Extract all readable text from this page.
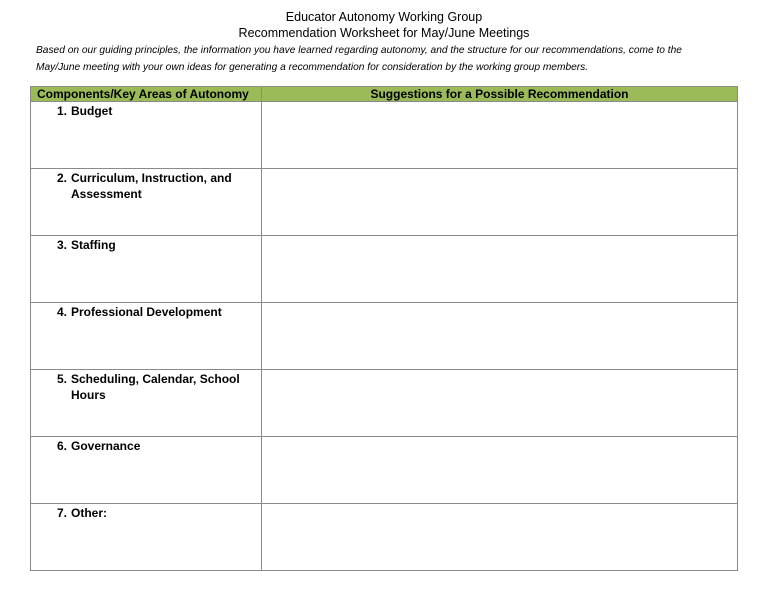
Educator Autonomy Working Group
Recommendation Worksheet for May/June Meetings
Based on our guiding principles, the information you have learned regarding autonomy, and the structure for our recommendations, come to the
May/June meeting with your own ideas for generating a recommendation for consideration by the working group members.
Components/Key Areas of Autonomy	Suggestions for a Possible Recommendation

1. Budget	

2. Curriculum, Instruction, and Assessment	

3. Staffing	

4. Professional Development	

5. Scheduling, Calendar, School Hours	

6. Governance	

7. Other:	
